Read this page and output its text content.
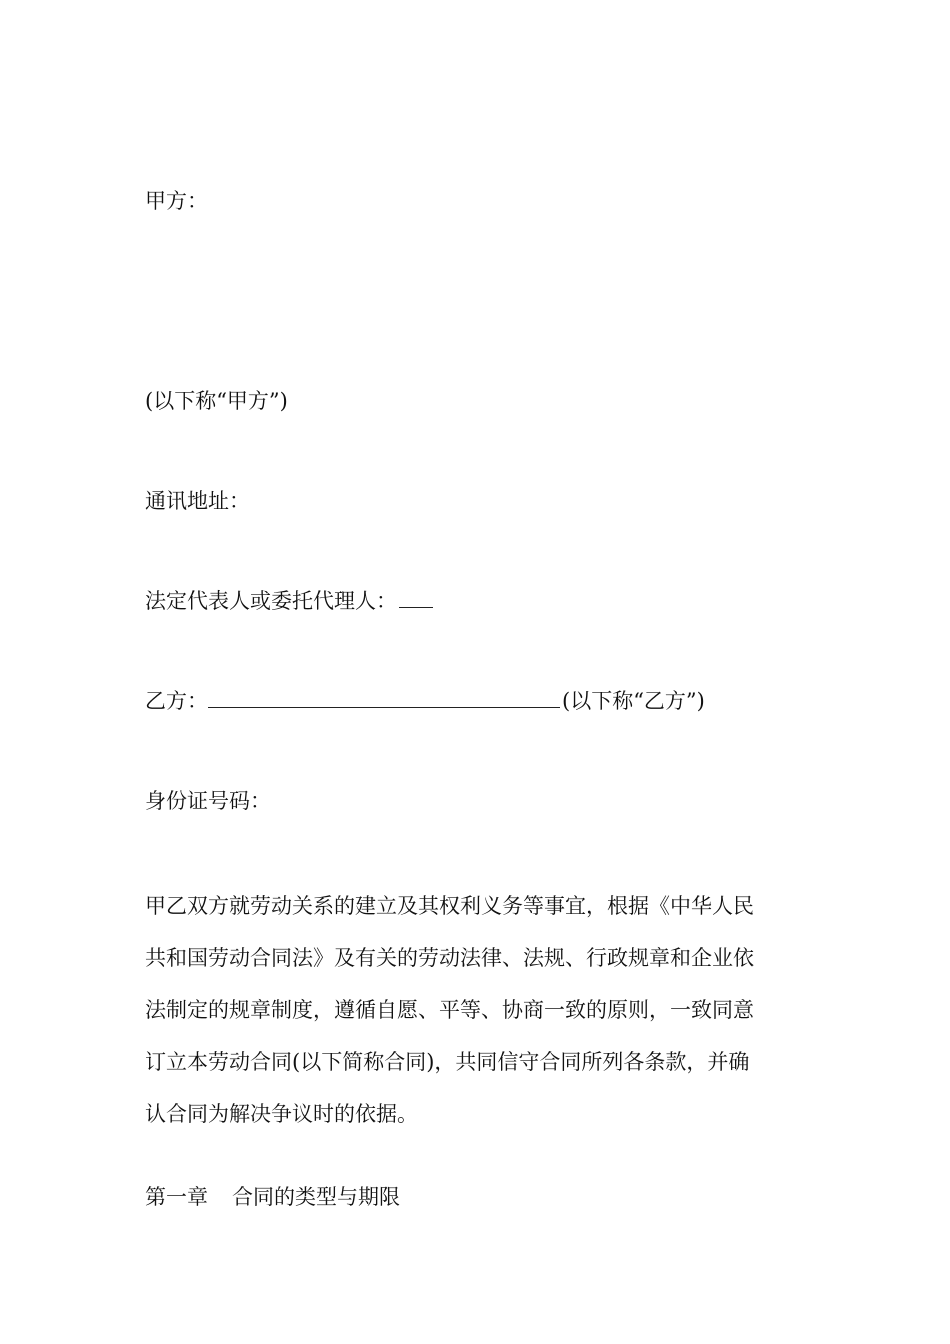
甲方：
(以下称“甲方”)
通讯地址：
法定代表人或委托代理人：
乙方：	(以下称“乙方”)
身份证号码：
甲乙双方就劳动关系的建立及其权利义务等事宜，根据《中华人民
共和国劳动合同法》及有关的劳动法律、法规、行政规章和企业依
法制定的规章制度，遵循自愿、平等、协商一致的原则，一致同意
订立本劳动合同(以下简称合同)，共同信守合同所列各条款，并确
认合同为解决争议时的依据。
第一章 合同的类型与期限
